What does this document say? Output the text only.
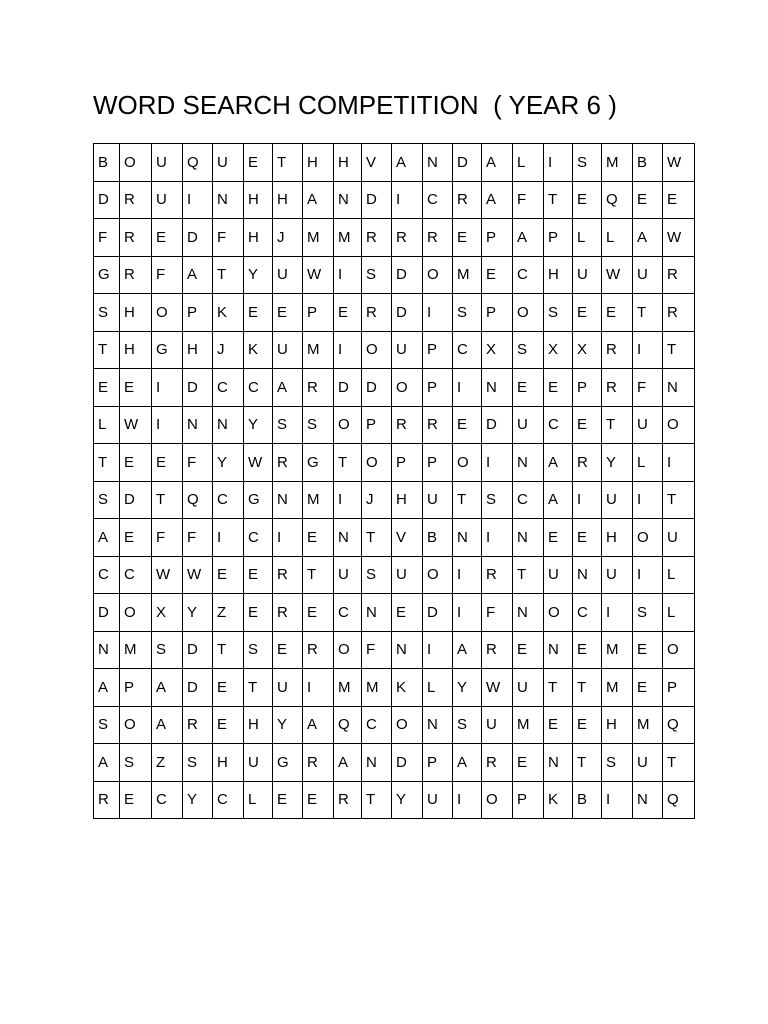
WORD SEARCH COMPETITION  ( YEAR 6 )
B	O	U	Q	U	E	T	H	H	V	A	N	D	A	L	I	S	M	B	W
D	R	U	I	N	H	H	A	N	D	I	C	R	A	F	T	E	Q	E	E
F	R	E	D	F	H	J	M	M	R	R	R	E	P	A	P	L	L	A	W
G	R	F	A	T	Y	U	W	I	S	D	O	M	E	C	H	U	W	U	R
S	H	O	P	K	E	E	P	E	R	D	I	S	P	O	S	E	E	T	R
T	H	G	H	J	K	U	M	I	O	U	P	C	X	S	X	X	R	I	T
E	E	I	D	C	C	A	R	D	D	O	P	I	N	E	E	P	R	F	N
L	W	I	N	N	Y	S	S	O	P	R	R	E	D	U	C	E	T	U	O
T	E	E	F	Y	W	R	G	T	O	P	P	O	I	N	A	R	Y	L	I
S	D	T	Q	C	G	N	M	I	J	H	U	T	S	C	A	I	U	I	T
A	E	F	F	I	C	I	E	N	T	V	B	N	I	N	E	E	H	O	U
C	C	W	W	E	E	R	T	U	S	U	O	I	R	T	U	N	U	I	L
D	O	X	Y	Z	E	R	E	C	N	E	D	I	F	N	O	C	I	S	L
N	M	S	D	T	S	E	R	O	F	N	I	A	R	E	N	E	M	E	O
A	P	A	D	E	T	U	I	M	M	K	L	Y	W	U	T	T	M	E	P
S	O	A	R	E	H	Y	A	Q	C	O	N	S	U	M	E	E	H	M	Q
A	S	Z	S	H	U	G	R	A	N	D	P	A	R	E	N	T	S	U	T
R	E	C	Y	C	L	E	E	R	T	Y	U	I	O	P	K	B	I	N	Q
